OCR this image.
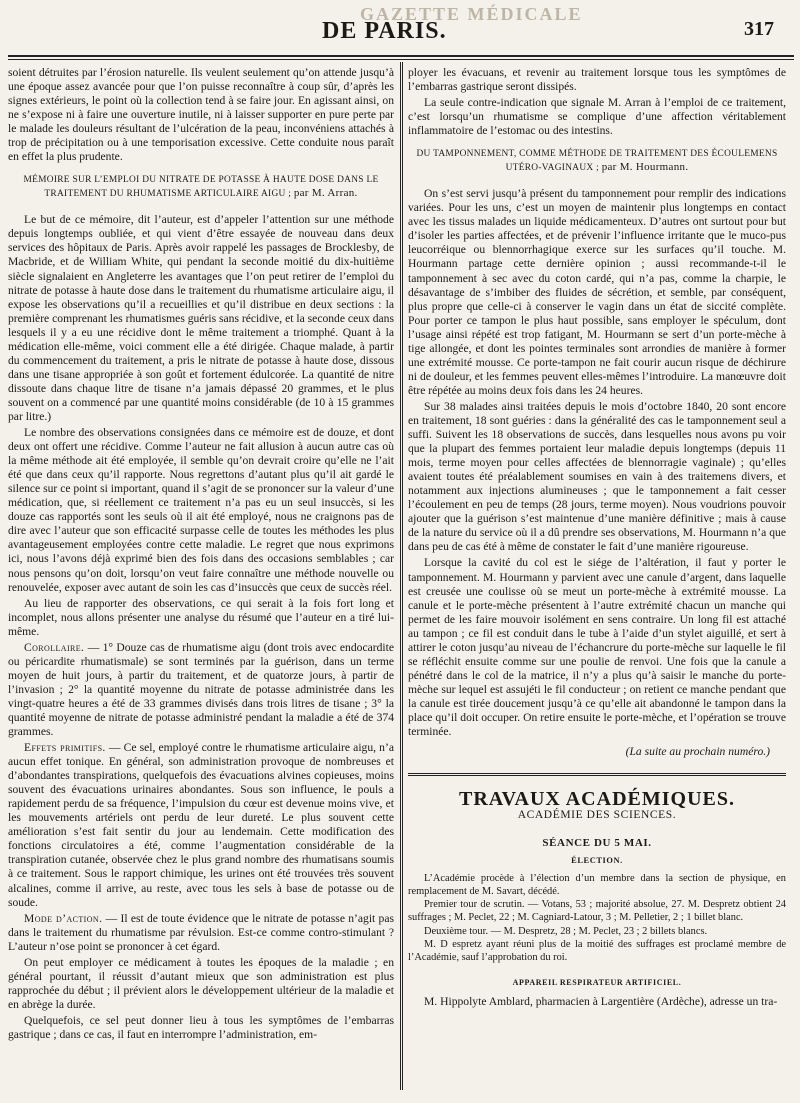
GAZETTE MÉDICALE
DE PARIS.	317

soient détruites par l’érosion naturelle. Ils veulent seulement qu’on attende jusqu’à une époque assez avancée pour que l’on puisse reconnaître à coup sûr, d’après les signes extérieurs, le point où la collection tend à se faire jour. En agissant ainsi, on ne s’expose ni à faire une ouverture inutile, ni à laisser supporter en pure perte par le malade les douleurs résultant de l’ulcération de la peau, inconvéniens attachés à trop de précipitation ou à une temporisation excessive. Cette conduite nous paraît en effet la plus prudente.

MÉMOIRE SUR L’EMPLOI DU NITRATE DE POTASSE À HAUTE DOSE DANS LE TRAITEMENT DU RHUMATISME ARTICULAIRE AIGU ; par M. Arran.

Le but de ce mémoire, dit l’auteur, est d’appeler l’attention sur une méthode depuis longtemps oubliée, et qui vient d’être essayée de nouveau dans deux services des hôpitaux de Paris. Après avoir rappelé les passages de Brocklesby, de Macbride, et de William White, qui pendant la seconde moitié du dix-huitième siècle signalaient en Angleterre les avantages que l’on peut retirer de l’emploi du nitrate de potasse à haute dose dans le traitement du rhumatisme articulaire aigu, il expose les observations qu’il a recueillies et qu’il distribue en deux sections : la première comprenant les rhumatismes guéris sans récidive, et la seconde ceux dans lesquels il y a eu une récidive dont le même traitement a triomphé. Quant à la médication elle-même, voici comment elle a été dirigée. Chaque malade, à partir du commencement du traitement, a pris le nitrate de potasse à haute dose, dissous dans une tisane appropriée à son goût et fortement édulcorée. La quantité de nitre dissoute dans chaque litre de tisane n’a jamais dépassé 20 grammes, et le plus souvent on a commencé par une quantité moins considérable (de 10 à 15 grammes par litre.)

Le nombre des observations consignées dans ce mémoire est de douze, et dont deux ont offert une récidive. Comme l’auteur ne fait allusion à aucun autre cas où la même méthode ait été employée, il semble qu’on devrait croire qu’elle ne l’ait été que dans ceux qu’il rapporte. Nous regrettons d’autant plus qu’il ait gardé le silence sur ce point si important, quand il s’agit de se prononcer sur la valeur d’une médication, que, si réellement ce traitement n’a pas eu un seul insuccès, si les douze cas rapportés sont les seuls où il ait été employé, nous ne craignons pas de dire avec l’auteur que son efficacité surpasse celle de toutes les méthodes les plus avantageusement employées contre cette maladie. Le regret que nous exprimons ici, nous l’avons déjà exprimé bien des fois dans des occasions semblables ; car nous pensons qu’on doit, lorsqu’on veut faire connaître une méthode nouvelle ou renouvelée, exposer avec autant de soin les cas d’insuccès que ceux de succès réel.

Au lieu de rapporter des observations, ce qui serait à la fois fort long et incomplet, nous allons présenter une analyse du résumé que l’auteur en a tiré lui-même.

Corollaire. — 1° Douze cas de rhumatisme aigu (dont trois avec endocardite ou péricardite rhumatismale) se sont terminés par la guérison, dans un terme moyen de huit jours, à partir du traitement, et de quatorze jours, à partir de l’invasion ; 2° la quantité moyenne du nitrate de potasse administrée dans les vingt-quatre heures a été de 33 grammes divisés dans trois litres de tisane ; 3° la quantité moyenne de nitrate de potasse administré pendant la maladie a été de 374 grammes.

Effets primitifs. — Ce sel, employé contre le rhumatisme articulaire aigu, n’a aucun effet tonique. En général, son administration provoque de nombreuses et d’abondantes transpirations, quelquefois des évacuations alvines copieuses, moins souvent des évacuations urinaires abondantes. Sous son influence, le pouls a rapidement perdu de sa fréquence, l’impulsion du cœur est devenue moins vive, et les mouvements artériels ont perdu de leur dureté. Le plus souvent cette amélioration s’est fait sentir du jour au lendemain. Cette modification des fonctions circulatoires a été, comme l’augmentation considérable de la transpiration cutanée, observée chez le plus grand nombre des rhumatisans soumis à ce traitement. Sous le rapport chimique, les urines ont été trouvées très souvent alcalines, comme il arrive, au reste, avec tous les sels à base de potasse ou de soude.

Mode d’action. — Il est de toute évidence que le nitrate de potasse n’agit pas dans le traitement du rhumatisme par révulsion. Est-ce comme contro-stimulant ? L’auteur n’ose point se prononcer à cet égard.

On peut employer ce médicament à toutes les époques de la maladie ; en général pourtant, il réussit d’autant mieux que son administration est plus rapprochée du début ; il prévient alors le développement ultérieur de la maladie et en abrège la durée.

Quelquefois, ce sel peut donner lieu à tous les symptômes de l’embarras gastrique ; dans ce cas, il faut en interrompre l’administration, em-

ployer les évacuans, et revenir au traitement lorsque tous les symptômes de l’embarras gastrique seront dissipés.

La seule contre-indication que signale M. Arran à l’emploi de ce traitement, c’est lorsqu’un rhumatisme se complique d’une affection véritablement inflammatoire de l’estomac ou des intestins.

DU TAMPONNEMENT, COMME MÉTHODE DE TRAITEMENT DES ÉCOULEMENS UTÉRO-VAGINAUX ; par M. Hourmann.

On s’est servi jusqu’à présent du tamponnement pour remplir des indications variées. Pour les uns, c’est un moyen de maintenir plus longtemps en contact avec les tissus malades un liquide médicamenteux. D’autres ont surtout pour but d’isoler les parties affectées, et de prévenir l’influence irritante que le muco-pus leucorréique ou blennorrhagique exerce sur les surfaces qu’il touche. M. Hourmann partage cette dernière opinion ; aussi recommande-t-il le tamponnement à sec avec du coton cardé, qui n’a pas, comme la charpie, le désavantage de s’imbiber des fluides de sécrétion, et semble, par conséquent, plus propre que celle-ci à conserver le vagin dans un état de siccité complète. Pour porter ce tampon le plus haut possible, sans employer le spéculum, dont l’usage ainsi répété est trop fatigant, M. Hourmann se sert d’un porte-mèche à tige allongée, et dont les pointes terminales sont arrondies de manière à former une extrémité mousse. Ce porte-tampon ne fait courir aucun risque de déchirure ni de douleur, et les femmes peuvent elles-mêmes l’introduire. La manœuvre doit être répétée au moins deux fois dans les 24 heures.

Sur 38 malades ainsi traitées depuis le mois d’octobre 1840, 20 sont encore en traitement, 18 sont guéries : dans la généralité des cas le tamponnement seul a suffi. Suivent les 18 observations de succès, dans lesquelles nous avons pu voir que la plupart des femmes portaient leur maladie depuis longtemps (depuis 11 mois, terme moyen pour celles affectées de blennorragie vaginale) ; qu’elles avaient toutes été préalablement soumises en vain à des traitemens divers, et notamment aux injections alumineuses ; que le tamponnement a fait cesser l’écoulement en peu de temps (28 jours, terme moyen). Nous voudrions pouvoir ajouter que la guérison s’est maintenue d’une manière définitive ; mais à cause de la nature du service où il a dû prendre ses observations, M. Hourmann n’a que dans peu de cas été à même de constater le fait d’une manière rigoureuse.

Lorsque la cavité du col est le siége de l’altération, il faut y porter le tamponnement. M. Hourmann y parvient avec une canule d’argent, dans laquelle est creusée une coulisse où se meut un porte-mèche à extrémité mousse. La canule et le porte-mèche présentent à l’autre extrémité chacun un manche qui permet de les faire mouvoir isolément en sens contraire. Un long fil est attaché au tampon ; ce fil est conduit dans le tube à l’aide d’un stylet aiguillé, et sert à attirer le coton jusqu’au niveau de l’échancrure du porte-mèche sur laquelle le fil se réfléchit ensuite comme sur une poulie de renvoi. Une fois que la canule a pénétré dans le col de la matrice, il n’y a plus qu’à saisir le manche du porte-mèche sur lequel est assujéti le fil conducteur ; on retient ce manche pendant que la canule est tirée doucement jusqu’à ce qu’elle ait abandonné le tampon dans la place qu’il doit occuper. On retire ensuite le porte-mèche, et l’opération se trouve terminée.

(La suite au prochain numéro.)

TRAVAUX ACADÉMIQUES.
ACADÉMIE DES SCIENCES.
SÉANCE DU 5 MAI.
ÉLECTION.

L’Académie procède à l’élection d’un membre dans la section de physique, en remplacement de M. Savart, décédé.

Premier tour de scrutin. — Votans, 53 ; majorité absolue, 27. M. Despretz obtient 24 suffrages ; M. Peclet, 22 ; M. Cagniard-Latour, 3 ; M. Pelletier, 2 ; 1 billet blanc.

Deuxième tour. — M. Despretz, 28 ; M. Peclet, 23 ; 2 billets blancs.

M. D espretz ayant réuni plus de la moitié des suffrages est proclamé membre de l’Académie, sauf l’approbation du roi.

APPAREIL RESPIRATEUR ARTIFICIEL.

M. Hippolyte Amblard, pharmacien à Largentière (Ardèche), adresse un tra-
